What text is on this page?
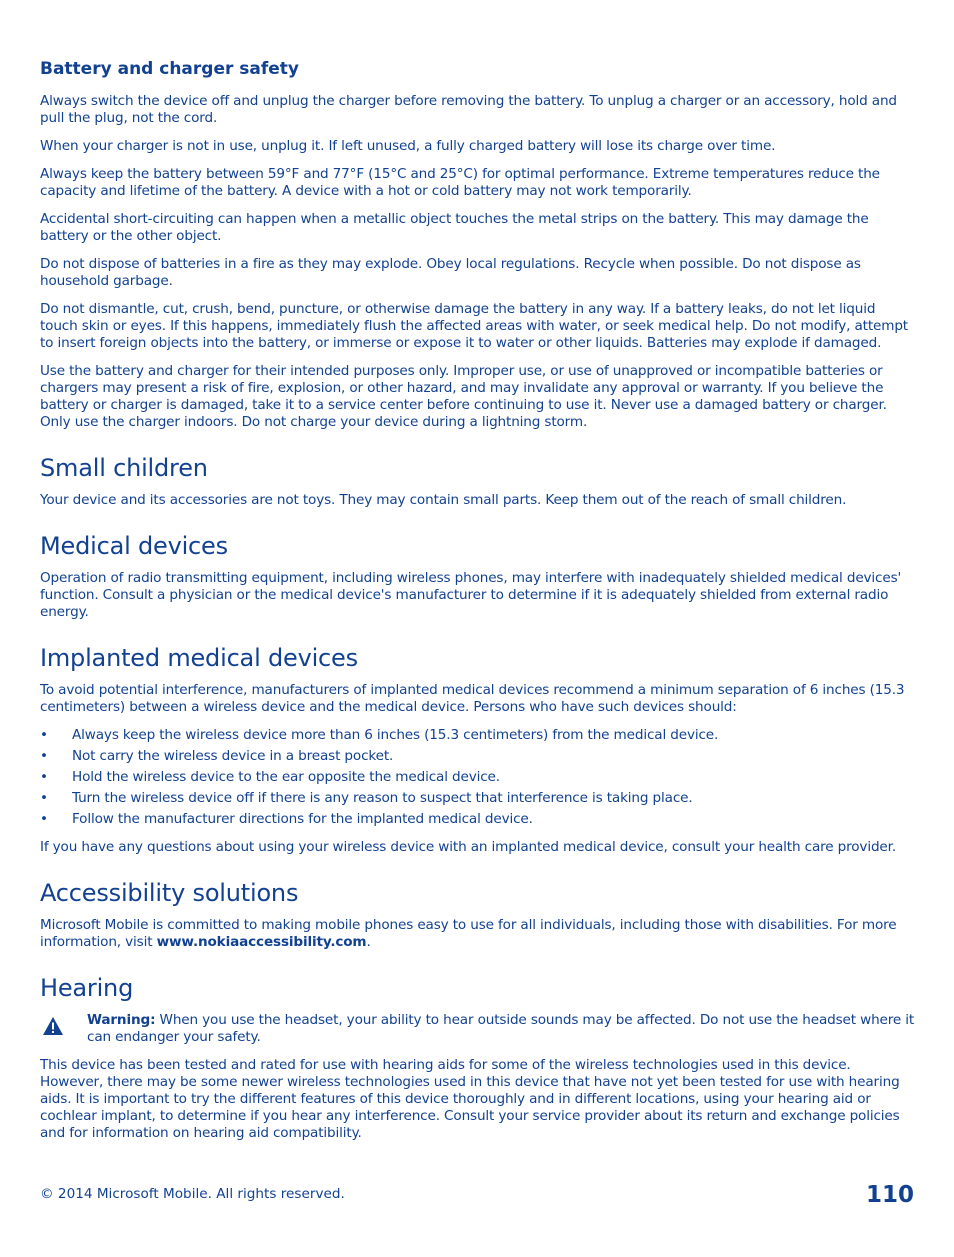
Battery and charger safety

Always switch the device off and unplug the charger before removing the battery. To unplug a charger or an accessory, hold and pull the plug, not the cord.

When your charger is not in use, unplug it. If left unused, a fully charged battery will lose its charge over time.

Always keep the battery between 59°F and 77°F (15°C and 25°C) for optimal performance. Extreme temperatures reduce the capacity and lifetime of the battery. A device with a hot or cold battery may not work temporarily.

Accidental short-circuiting can happen when a metallic object touches the metal strips on the battery. This may damage the battery or the other object.

Do not dispose of batteries in a fire as they may explode. Obey local regulations. Recycle when possible. Do not dispose as household garbage.

Do not dismantle, cut, crush, bend, puncture, or otherwise damage the battery in any way. If a battery leaks, do not let liquid touch skin or eyes. If this happens, immediately flush the affected areas with water, or seek medical help. Do not modify, attempt to insert foreign objects into the battery, or immerse or expose it to water or other liquids. Batteries may explode if damaged.

Use the battery and charger for their intended purposes only. Improper use, or use of unapproved or incompatible batteries or chargers may present a risk of fire, explosion, or other hazard, and may invalidate any approval or warranty. If you believe the battery or charger is damaged, take it to a service center before continuing to use it. Never use a damaged battery or charger. Only use the charger indoors. Do not charge your device during a lightning storm.

Small children

Your device and its accessories are not toys. They may contain small parts. Keep them out of the reach of small children.

Medical devices

Operation of radio transmitting equipment, including wireless phones, may interfere with inadequately shielded medical devices' function. Consult a physician or the medical device's manufacturer to determine if it is adequately shielded from external radio energy.

Implanted medical devices

To avoid potential interference, manufacturers of implanted medical devices recommend a minimum separation of 6 inches (15.3 centimeters) between a wireless device and the medical device. Persons who have such devices should:

• Always keep the wireless device more than 6 inches (15.3 centimeters) from the medical device.
• Not carry the wireless device in a breast pocket.
• Hold the wireless device to the ear opposite the medical device.
• Turn the wireless device off if there is any reason to suspect that interference is taking place.
• Follow the manufacturer directions for the implanted medical device.

If you have any questions about using your wireless device with an implanted medical device, consult your health care provider.

Accessibility solutions

Microsoft Mobile is committed to making mobile phones easy to use for all individuals, including those with disabilities. For more information, visit www.nokiaaccessibility.com.

Hearing
Warning: When you use the headset, your ability to hear outside sounds may be affected. Do not use the headset where it can endanger your safety.

This device has been tested and rated for use with hearing aids for some of the wireless technologies used in this device. However, there may be some newer wireless technologies used in this device that have not yet been tested for use with hearing aids. It is important to try the different features of this device thoroughly and in different locations, using your hearing aid or cochlear implant, to determine if you hear any interference. Consult your service provider about its return and exchange policies and for information on hearing aid compatibility.

© 2014 Microsoft Mobile. All rights reserved.	110
